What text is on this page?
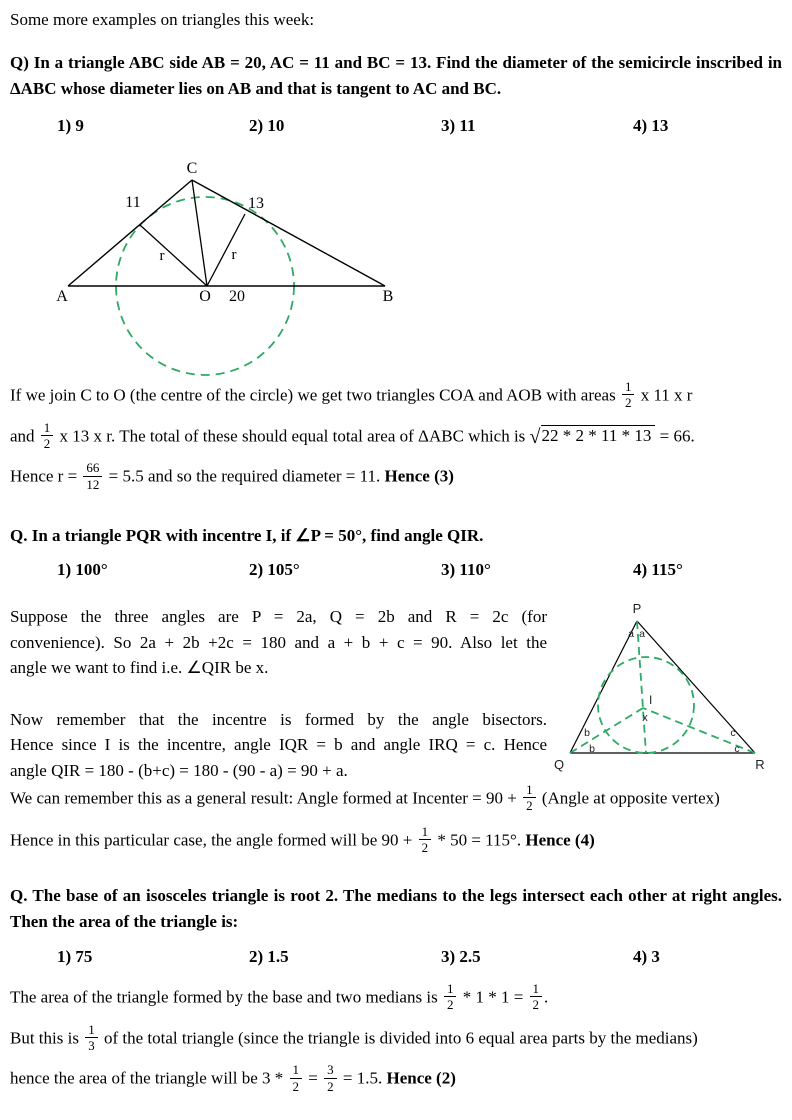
Some more examples on triangles this week:
Q) In a triangle ABC side AB = 20, AC = 11 and BC = 13. Find the diameter of the semicircle inscribed in ΔABC whose diameter lies on AB and that is tangent to AC and BC.
1) 9	2) 10	3) 11	4) 13
C
A	B
O 20
11	13
r	r
If we join C to O (the centre of the circle) we get two triangles COA and AOB with areas $\frac{1}{2}$ x 11 x r
and $\frac{1}{2}$ x 13 x r. The total of these should equal total area of ΔABC which is √22 * 2 * 11 * 13 = 66.
Hence $r = \frac{66}{12} = 5.5$ and so the required diameter = 11. Hence (3)
Q. In a triangle PQR with incentre I, if ∠P = 50°, find angle QIR.
1) 100°	2) 105°	3) 110°	4) 115°
Suppose the three angles are P = 2a, Q = 2b and R = 2c (for
convenience). So 2a + 2b +2c = 180 and a + b + c = 90. Also let the
angle we want to find i.e. ∠QIR be x.
Now remember that the incentre is formed by the angle bisectors.
Hence since I is the incentre, angle IQR = b and angle IRQ = c. Hence
angle QIR = 180 - (b+c) = 180 - (90 - a) = 90 + a.
P
Q	R
I
x
a a
b
b
c
c
We can remember this as a general result: Angle formed at Incenter = $90 + \frac{1}{2}$ (Angle at opposite vertex)
Hence in this particular case, the angle formed will be $90 + \frac{1}{2} * 50 = 115^\circ$. Hence (4)
Q. The base of an isosceles triangle is root 2. The medians to the legs intersect each other at right angles. Then the area of the triangle is:
1) 75	2) 1.5	3) 2.5	4) 3
The area of the triangle formed by the base and two medians is $\frac{1}{2} * 1 * 1 = \frac{1}{2}$ .
But this is $\frac{1}{3}$ of the total triangle (since the triangle is divided into 6 equal area parts by the medians)
hence the area of the triangle will be $3 * \frac{1}{2} = \frac{3}{2} = 1.5$. Hence (2)
